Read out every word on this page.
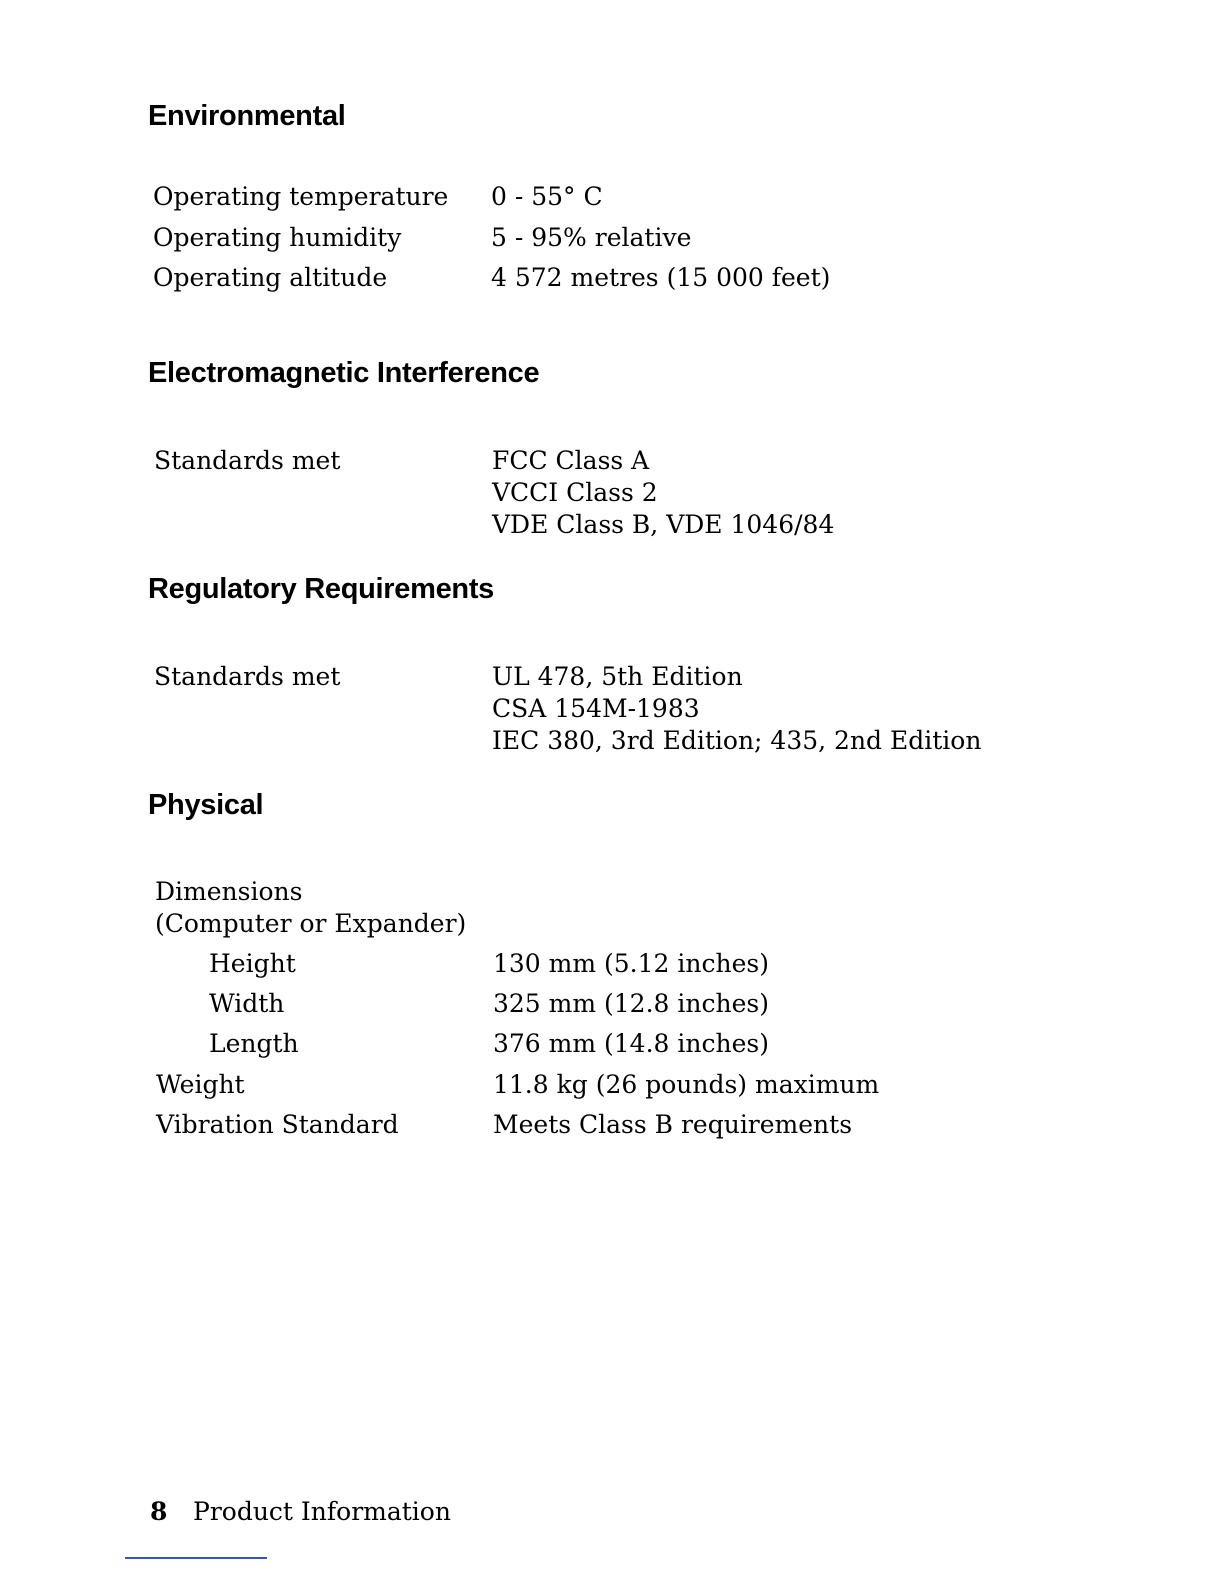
Environmental
Operating temperature 0 - 55° C
Operating humidity	5 - 95% relative
Operating altitude	4 572 metres (15 000 feet)
Electromagnetic Interference
Standards met	FCC Class A
VCCI Class 2
VDE Class B, VDE 1046/84
Regulatory Requirements
Standards met	UL 478, 5th Edition
CSA 154M-1983
IEC 380, 3rd Edition; 435, 2nd Edition
Physical
Dimensions
(Computer or Expander)
Height	130 mm (5.12 inches)
Width	325 mm (12.8 inches)
Length	376 mm (14.8 inches)
Weight	11.8 kg (26 pounds) maximum
Vibration Standard	Meets Class B requirements
8 Product Information
